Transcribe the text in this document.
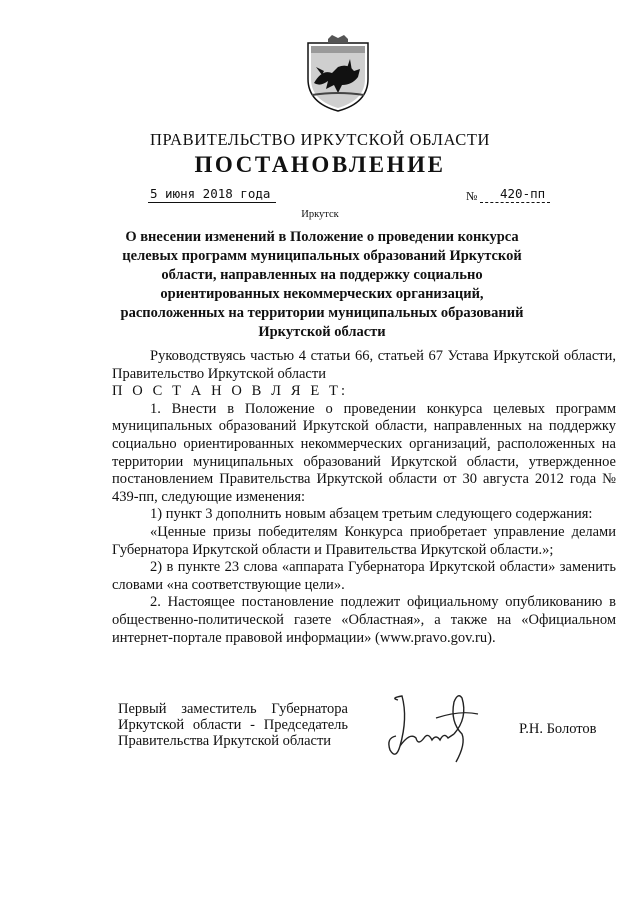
ПРАВИТЕЛЬСТВО ИРКУТСКОЙ ОБЛАСТИ
ПОСТАНОВЛЕНИЕ
5 июня 2018 года	№ 420-пп
Иркутск
О внесении изменений в Положение о проведении конкурса целевых программ муниципальных образований Иркутской области, направленных на поддержку социально ориентированных некоммерческих организаций, расположенных на территории муниципальных образований Иркутской области

Руководствуясь частью 4 статьи 66, статьей 67 Устава Иркутской области, Правительство Иркутской области

П О С Т А Н О В Л Я Е Т:

1. Внести в Положение о проведении конкурса целевых программ муниципальных образований Иркутской области, направленных на поддержку социально ориентированных некоммерческих организаций, расположенных на территории муниципальных образований Иркутской области, утвержденное постановлением Правительства Иркутской области от 30 августа 2012 года № 439-пп, следующие изменения:

1) пункт 3 дополнить новым абзацем третьим следующего содержания:

«Ценные призы победителям Конкурса приобретает управление делами Губернатора Иркутской области и Правительства Иркутской области.»;

2) в пункте 23 слова «аппарата Губернатора Иркутской области» заменить словами «на соответствующие цели».

2. Настоящее постановление подлежит официальному опубликованию в общественно-политической газете «Областная», а также на «Официальном интернет-портале правовой информации» (www.pravo.gov.ru).

Первый заместитель Губернатора
Иркутской области - Председатель
Правительства Иркутской области
Р.Н. Болотов
